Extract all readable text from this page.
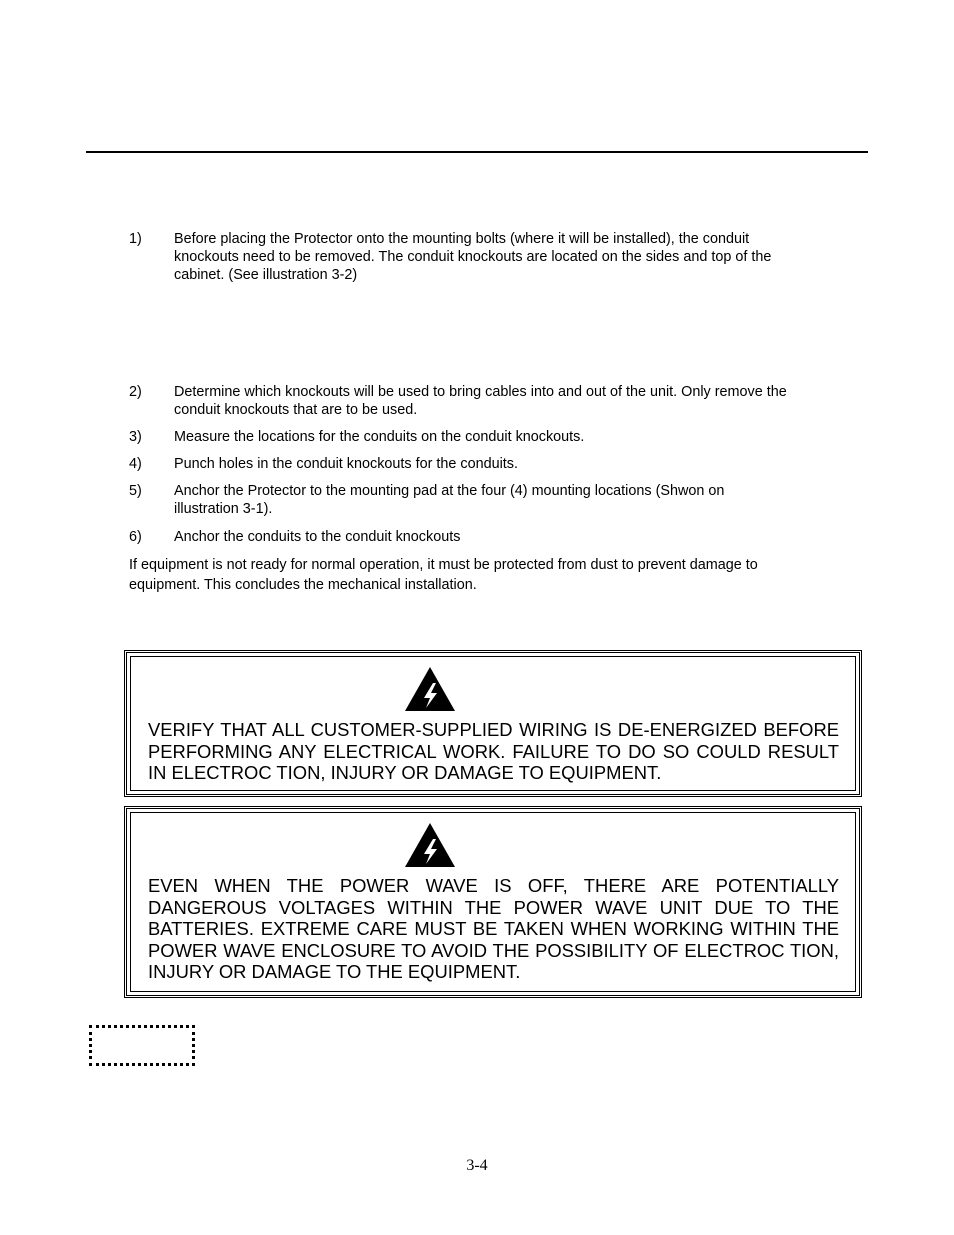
1) Before placing the Protector onto the mounting bolts (where it will be installed), the conduit knockouts need to be removed. The conduit knockouts are located on the sides and top of the cabinet. (See illustration 3-2)
2) Determine which knockouts will be used to bring cables into and out of the unit. Only remove the conduit knockouts that are to be used.
3) Measure the locations for the conduits on the conduit knockouts.
4) Punch holes in the conduit knockouts for the conduits.
5) Anchor the Protector to the mounting pad at the four (4) mounting locations (Shwon on illustration 3-1).
6) Anchor the conduits to the conduit knockouts
If equipment is not ready for normal operation, it must be protected from dust to prevent damage to equipment. This concludes the mechanical installation.
VERIFY THAT ALL CUSTOMER-SUPPLIED WIRING IS DE-ENERGIZED BEFORE PERFORMING ANY ELECTRICAL WORK. FAILURE TO DO SO COULD RESULT IN ELECTROC TION, INJURY OR DAMAGE TO EQUIPMENT.
EVEN WHEN THE POWER WAVE IS OFF, THERE ARE POTENTIALLY DANGEROUS VOLTAGES WITHIN THE POWER WAVE UNIT DUE TO THE BATTERIES. EXTREME CARE MUST BE TAKEN WHEN WORKING WITHIN THE POWER WAVE ENCLOSURE TO AVOID THE POSSIBILITY OF ELECTROC TION, INJURY OR DAMAGE TO THE EQUIPMENT.
3-4
